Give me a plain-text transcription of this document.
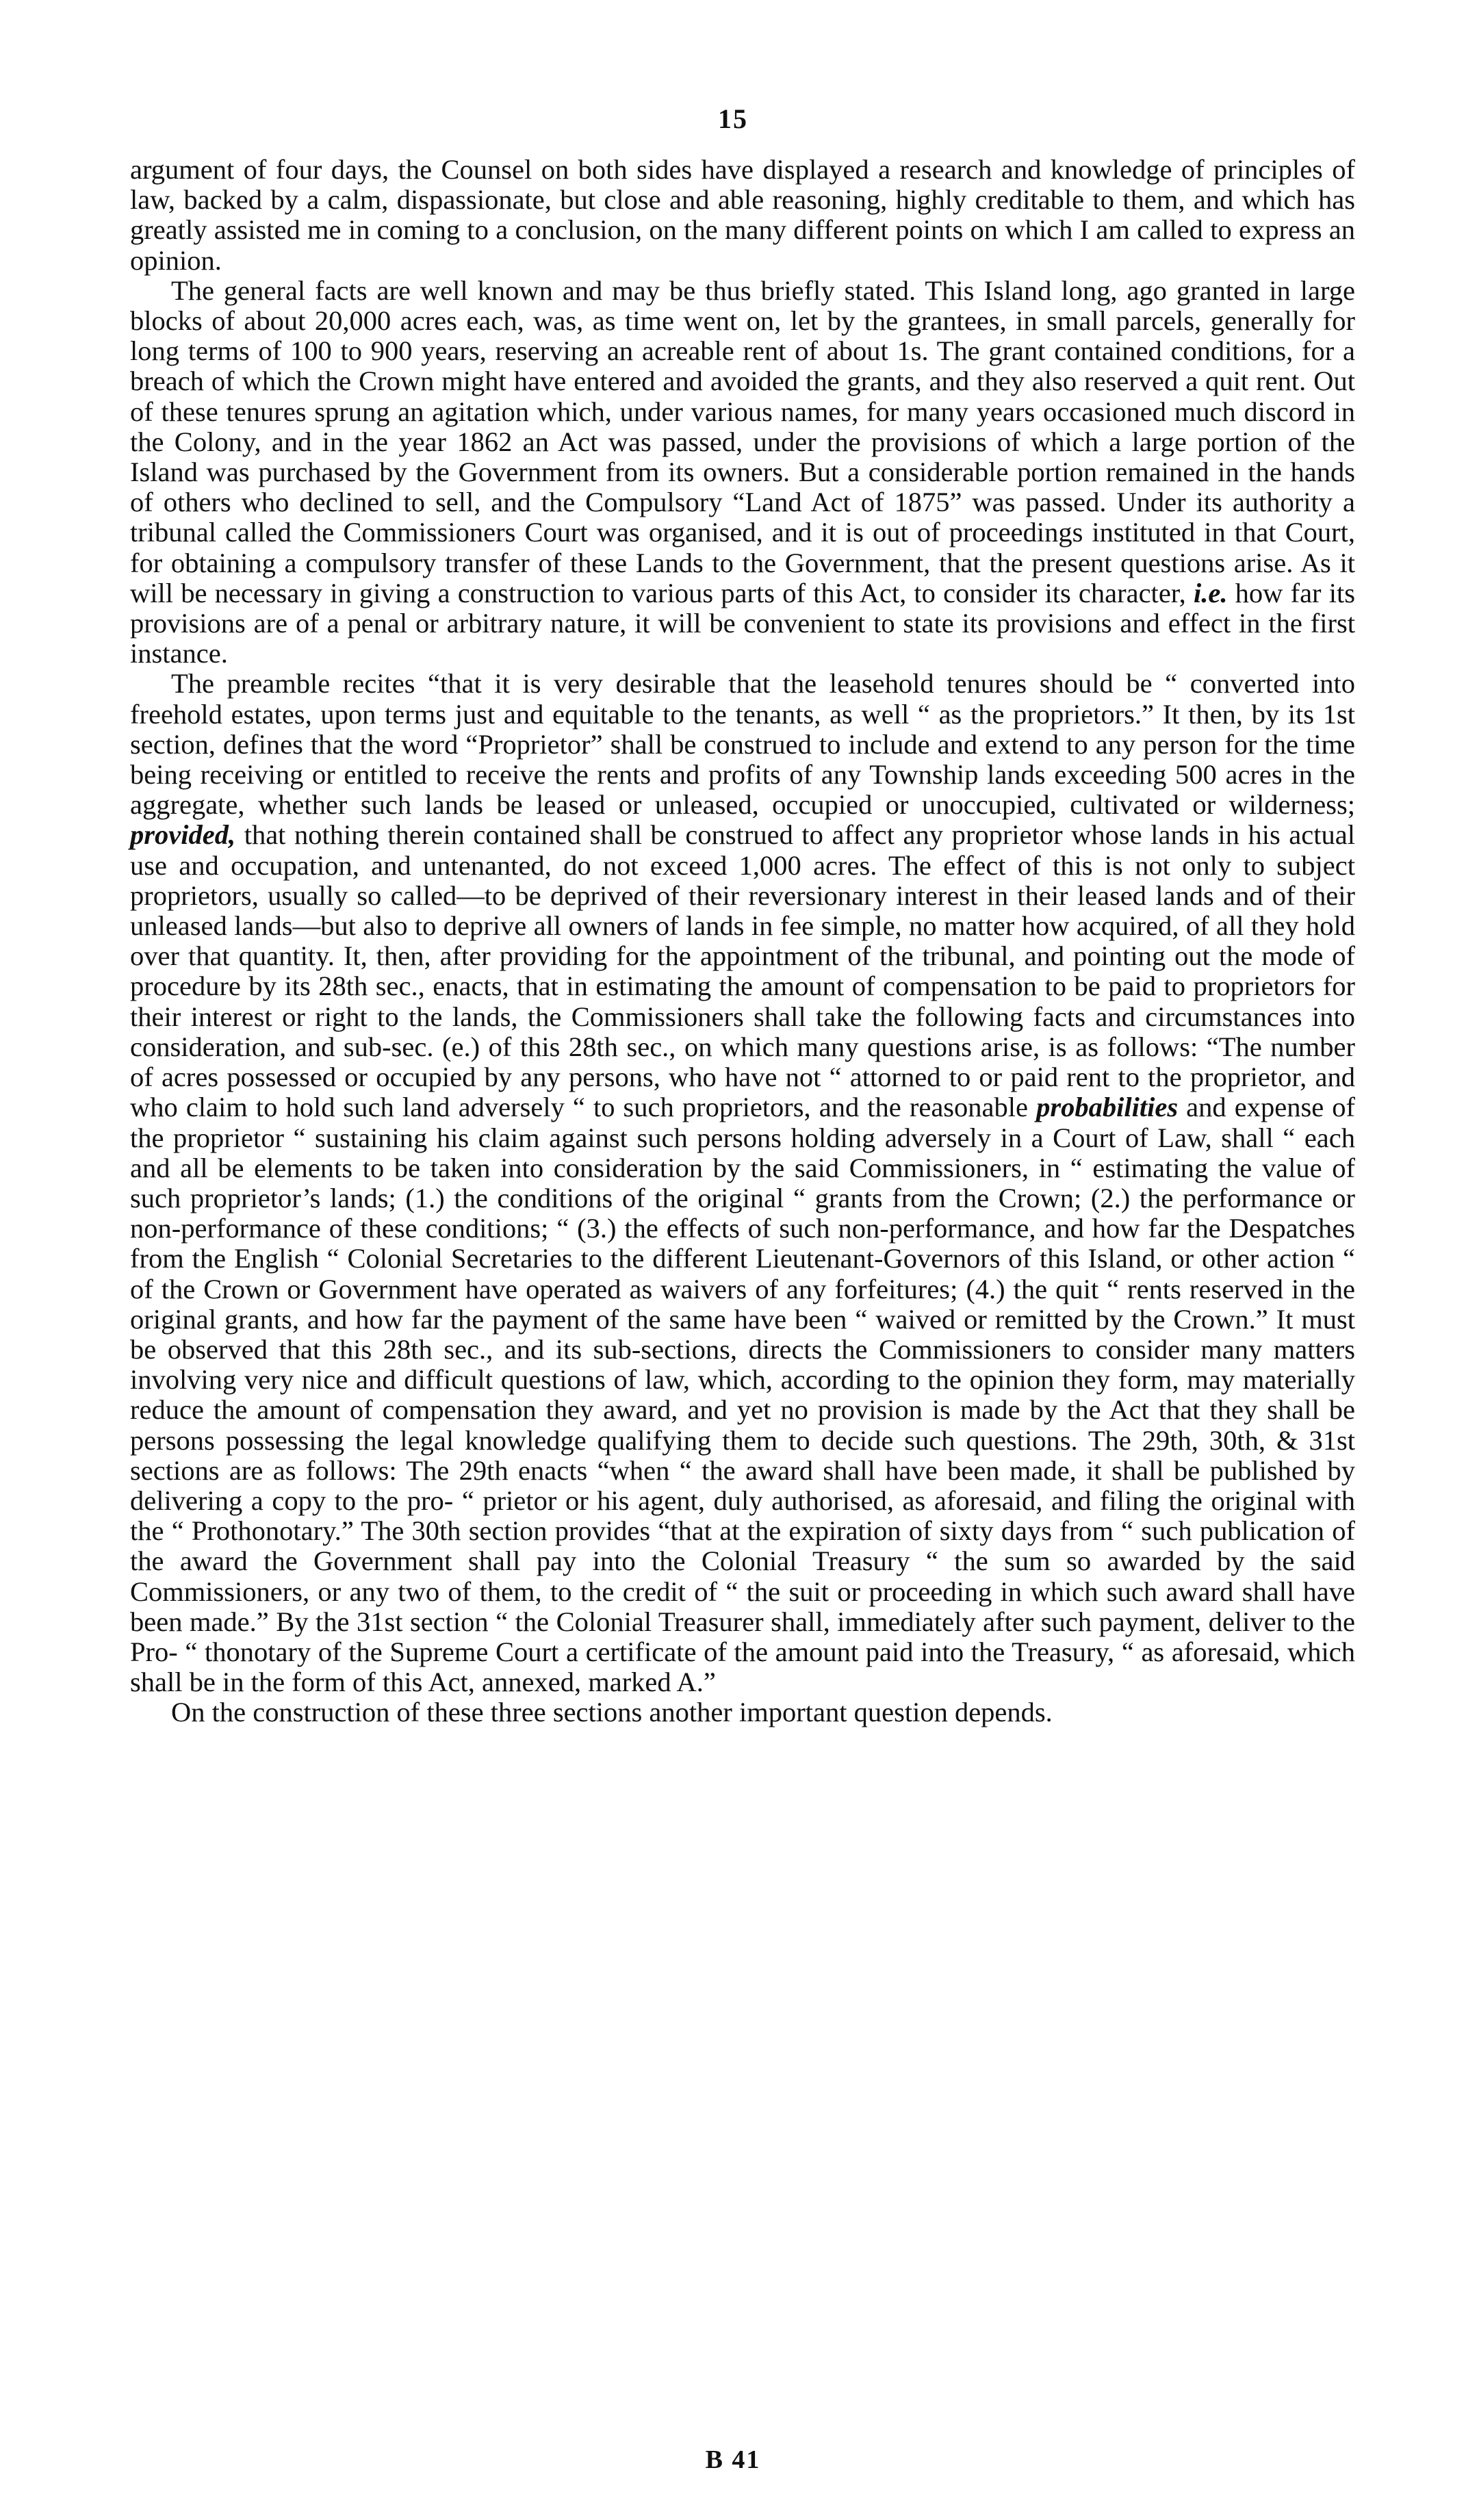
15

argument of four days, the Counsel on both sides have displayed a research and knowledge of principles of law, backed by a calm, dispassionate, but close and able reasoning, highly creditable to them, and which has greatly assisted me in coming to a conclusion, on the many different points on which I am called to express an opinion.

The general facts are well known and may be thus briefly stated. This Island long, ago granted in large blocks of about 20,000 acres each, was, as time went on, let by the grantees, in small parcels, generally for long terms of 100 to 900 years, reserving an acreable rent of about 1s. The grant contained conditions, for a breach of which the Crown might have entered and avoided the grants, and they also reserved a quit rent. Out of these tenures sprung an agitation which, under various names, for many years occasioned much discord in the Colony, and in the year 1862 an Act was passed, under the provisions of which a large portion of the Island was purchased by the Government from its owners. But a considerable portion remained in the hands of others who declined to sell, and the Compulsory “Land Act of 1875” was passed. Under its authority a tribunal called the Commissioners Court was organised, and it is out of proceedings instituted in that Court, for obtaining a compulsory transfer of these Lands to the Government, that the present questions arise. As it will be necessary in giving a construction to various parts of this Act, to consider its character, i.e. how far its provisions are of a penal or arbitrary nature, it will be convenient to state its provisions and effect in the first instance.

The preamble recites “that it is very desirable that the leasehold tenures should be “ converted into freehold estates, upon terms just and equitable to the tenants, as well “ as the proprietors.” It then, by its 1st section, defines that the word “Proprietor” shall be construed to include and extend to any person for the time being receiving or entitled to receive the rents and profits of any Township lands exceeding 500 acres in the aggregate, whether such lands be leased or unleased, occupied or unoccupied, cultivated or wilderness; provided, that nothing therein contained shall be construed to affect any proprietor whose lands in his actual use and occupation, and untenanted, do not exceed 1,000 acres. The effect of this is not only to subject proprietors, usually so called—to be deprived of their reversionary interest in their leased lands and of their unleased lands—but also to deprive all owners of lands in fee simple, no matter how acquired, of all they hold over that quantity. It, then, after providing for the appointment of the tribunal, and pointing out the mode of procedure by its 28th sec., enacts, that in estimating the amount of compensation to be paid to proprietors for their interest or right to the lands, the Commissioners shall take the following facts and circumstances into consideration, and sub-sec. (e.) of this 28th sec., on which many questions arise, is as follows: “The number of acres possessed or occupied by any persons, who have not “ attorned to or paid rent to the proprietor, and who claim to hold such land adversely “ to such proprietors, and the reasonable probabilities and expense of the proprietor “ sustaining his claim against such persons holding adversely in a Court of Law, shall “ each and all be elements to be taken into consideration by the said Commissioners, in “ estimating the value of such proprietor’s lands; (1.) the conditions of the original “ grants from the Crown; (2.) the performance or non-performance of these conditions; “ (3.) the effects of such non-performance, and how far the Despatches from the English “ Colonial Secretaries to the different Lieutenant-Governors of this Island, or other action “ of the Crown or Government have operated as waivers of any forfeitures; (4.) the quit “ rents reserved in the original grants, and how far the payment of the same have been “ waived or remitted by the Crown.” It must be observed that this 28th sec., and its sub-sections, directs the Commissioners to consider many matters involving very nice and difficult questions of law, which, according to the opinion they form, may materially reduce the amount of compensation they award, and yet no provision is made by the Act that they shall be persons possessing the legal knowledge qualifying them to decide such questions. The 29th, 30th, & 31st sections are as follows: The 29th enacts “when “ the award shall have been made, it shall be published by delivering a copy to the pro- “ prietor or his agent, duly authorised, as aforesaid, and filing the original with the “ Prothonotary.” The 30th section provides “that at the expiration of sixty days from “ such publication of the award the Government shall pay into the Colonial Treasury “ the sum so awarded by the said Commissioners, or any two of them, to the credit of “ the suit or proceeding in which such award shall have been made.” By the 31st section “ the Colonial Treasurer shall, immediately after such payment, deliver to the Pro- “ thonotary of the Supreme Court a certificate of the amount paid into the Treasury, “ as aforesaid, which shall be in the form of this Act, annexed, marked A.”

On the construction of these three sections another important question depends.

B 41
